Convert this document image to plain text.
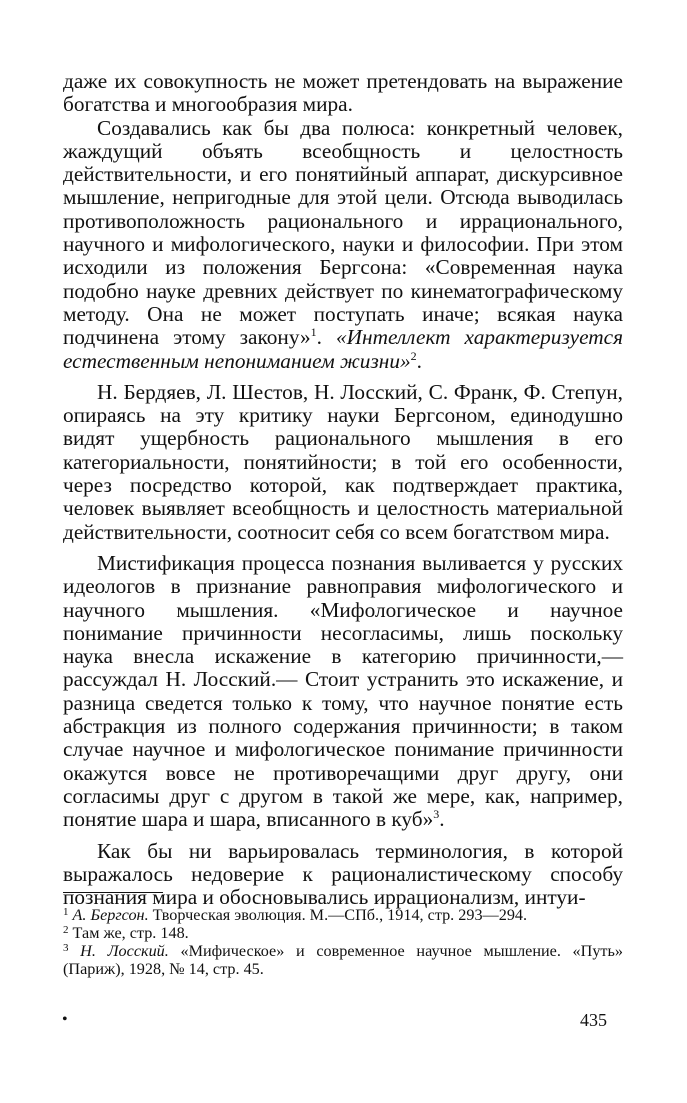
даже их совокупность не может претендовать на выражение богатства и многообразия мира.

Создавались как бы два полюса: конкретный человек, жаждущий объять всеобщность и целостность действительности, и его понятийный аппарат, дискурсивное мышление, непригодные для этой цели. Отсюда выводилась противоположность рационального и иррационального, научного и мифологического, науки и философии. При этом исходили из положения Бергсона: «Современная наука подобно науке древних действует по кинематографическому методу. Она не может поступать иначе; всякая наука подчинена этому закону»$^1$. «Интеллект характеризуется естественным непониманием жизни»$^2$.

Н. Бердяев, Л. Шестов, Н. Лосский, С. Франк, Ф. Степун, опираясь на эту критику науки Бергсоном, единодушно видят ущербность рационального мышления в его категориальности, понятийности; в той его особенности, через посредство которой, как подтверждает практика, человек выявляет всеобщность и целостность материальной действительности, соотносит себя со всем богатством мира.

Мистификация процесса познания выливается у русских идеологов в признание равноправия мифологического и научного мышления. «Мифологическое и научное понимание причинности несогласимы, лишь поскольку наука внесла искажение в категорию причинности,— рассуждал Н. Лосский.— Стоит устранить это искажение, и разница сведется только к тому, что научное понятие есть абстракция из полного содержания причинности; в таком случае научное и мифологическое понимание причинности окажутся вовсе не противоречащими друг другу, они согласимы друг с другом в такой же мере, как, например, понятие шара и шара, вписанного в куб»$^3$.

Как бы ни варьировалась терминология, в которой выражалось недоверие к рационалистическому способу познания мира и обосновывались иррационализм, интуи-

$^1$ А. Бергсон. Творческая эволюция. М.—СПб., 1914, стр. 293—294.

$^2$ Там же, стр. 148.

$^3$ Н. Лосский. «Мифическое» и современное научное мышление. «Путь» (Париж), 1928, № 14, стр. 45.

•	435
